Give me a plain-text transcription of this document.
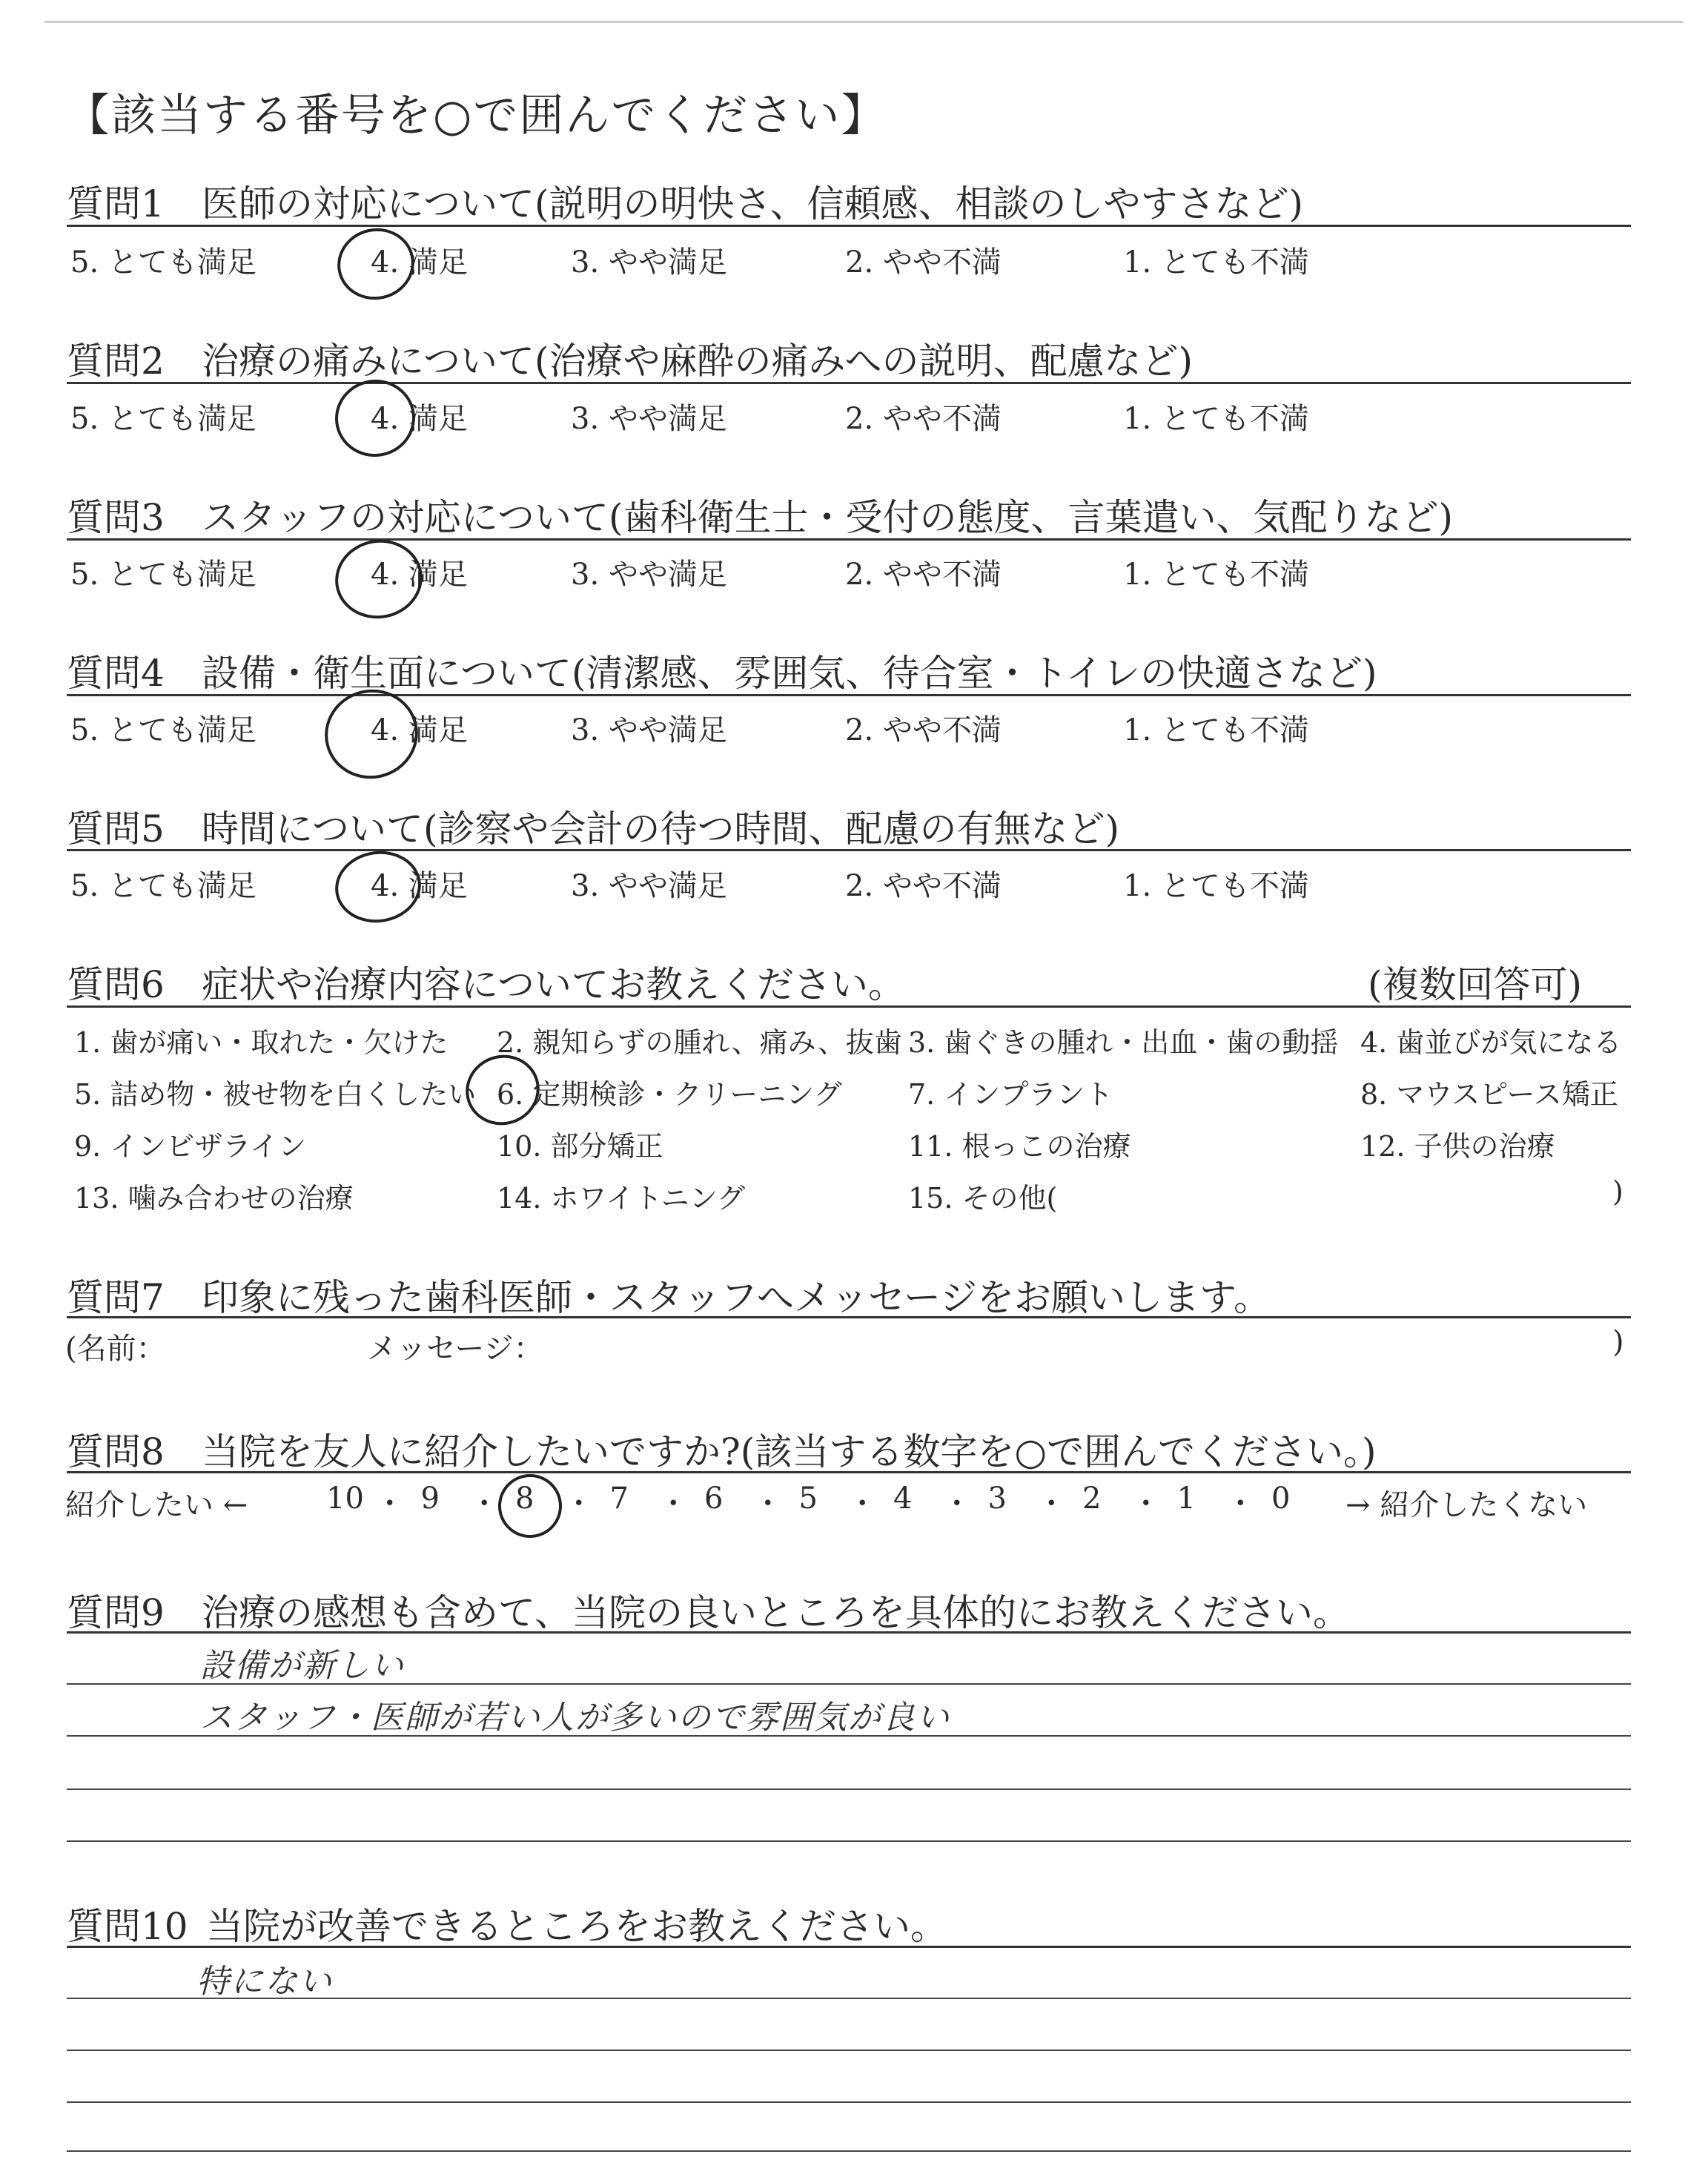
【該当する番号を○で囲んでください】
質問1 医師の対応について(説明の明快さ、信頼感、相談のしやすさなど)
5. とても満足	4. 満足	3. やや満足	2. やや不満	1. とても不満
質問2 治療の痛みについて(治療や麻酔の痛みへの説明、配慮など)
5. とても満足	4. 満足	3. やや満足	2. やや不満	1. とても不満
質問3 スタッフの対応について(歯科衛生士・受付の態度、言葉遣い、気配りなど)
5. とても満足	4. 満足	3. やや満足	2. やや不満	1. とても不満
質問4 設備・衛生面について(清潔感、雰囲気、待合室・トイレの快適さなど)
5. とても満足	4. 満足	3. やや満足	2. やや不満	1. とても不満
質問5 時間について(診察や会計の待つ時間、配慮の有無など)
5. とても満足	4. 満足	3. やや満足	2. やや不満	1. とても不満
質問6 症状や治療内容についてお教えください。	(複数回答可)
1. 歯が痛い・取れた・欠けた 2. 親知らずの腫れ、痛み、抜歯 3. 歯ぐきの腫れ・出血・歯の動揺 4. 歯並びが気になる
5. 詰め物・被せ物を白くしたい 6. 定期検診・クリーニング 7. インプラント	8. マウスピース矯正
9. インビザライン	10. 部分矯正	11. 根っこの治療	12. 子供の治療
13. 噛み合わせの治療	14. ホワイトニング	15. その他(	)
質問7 印象に残った歯科医師・スタッフへメッセージをお願いします。
(名前：	メッセージ：	)
質問8 当院を友人に紹介したいですか?(該当する数字を○で囲んでください。)
紹介したい ←	→ 紹介したくない
10 ・ 9 ・ 8 ・ 7 ・ 6 ・ 5 ・ 4 ・ 3 ・ 2 ・ 1 ・ 0
質問9 治療の感想も含めて、当院の良いところを具体的にお教えください。
設備が新しい
スタッフ・医師が若い人が多いので雰囲気が良い
質問10 当院が改善できるところをお教えください。
特にない
